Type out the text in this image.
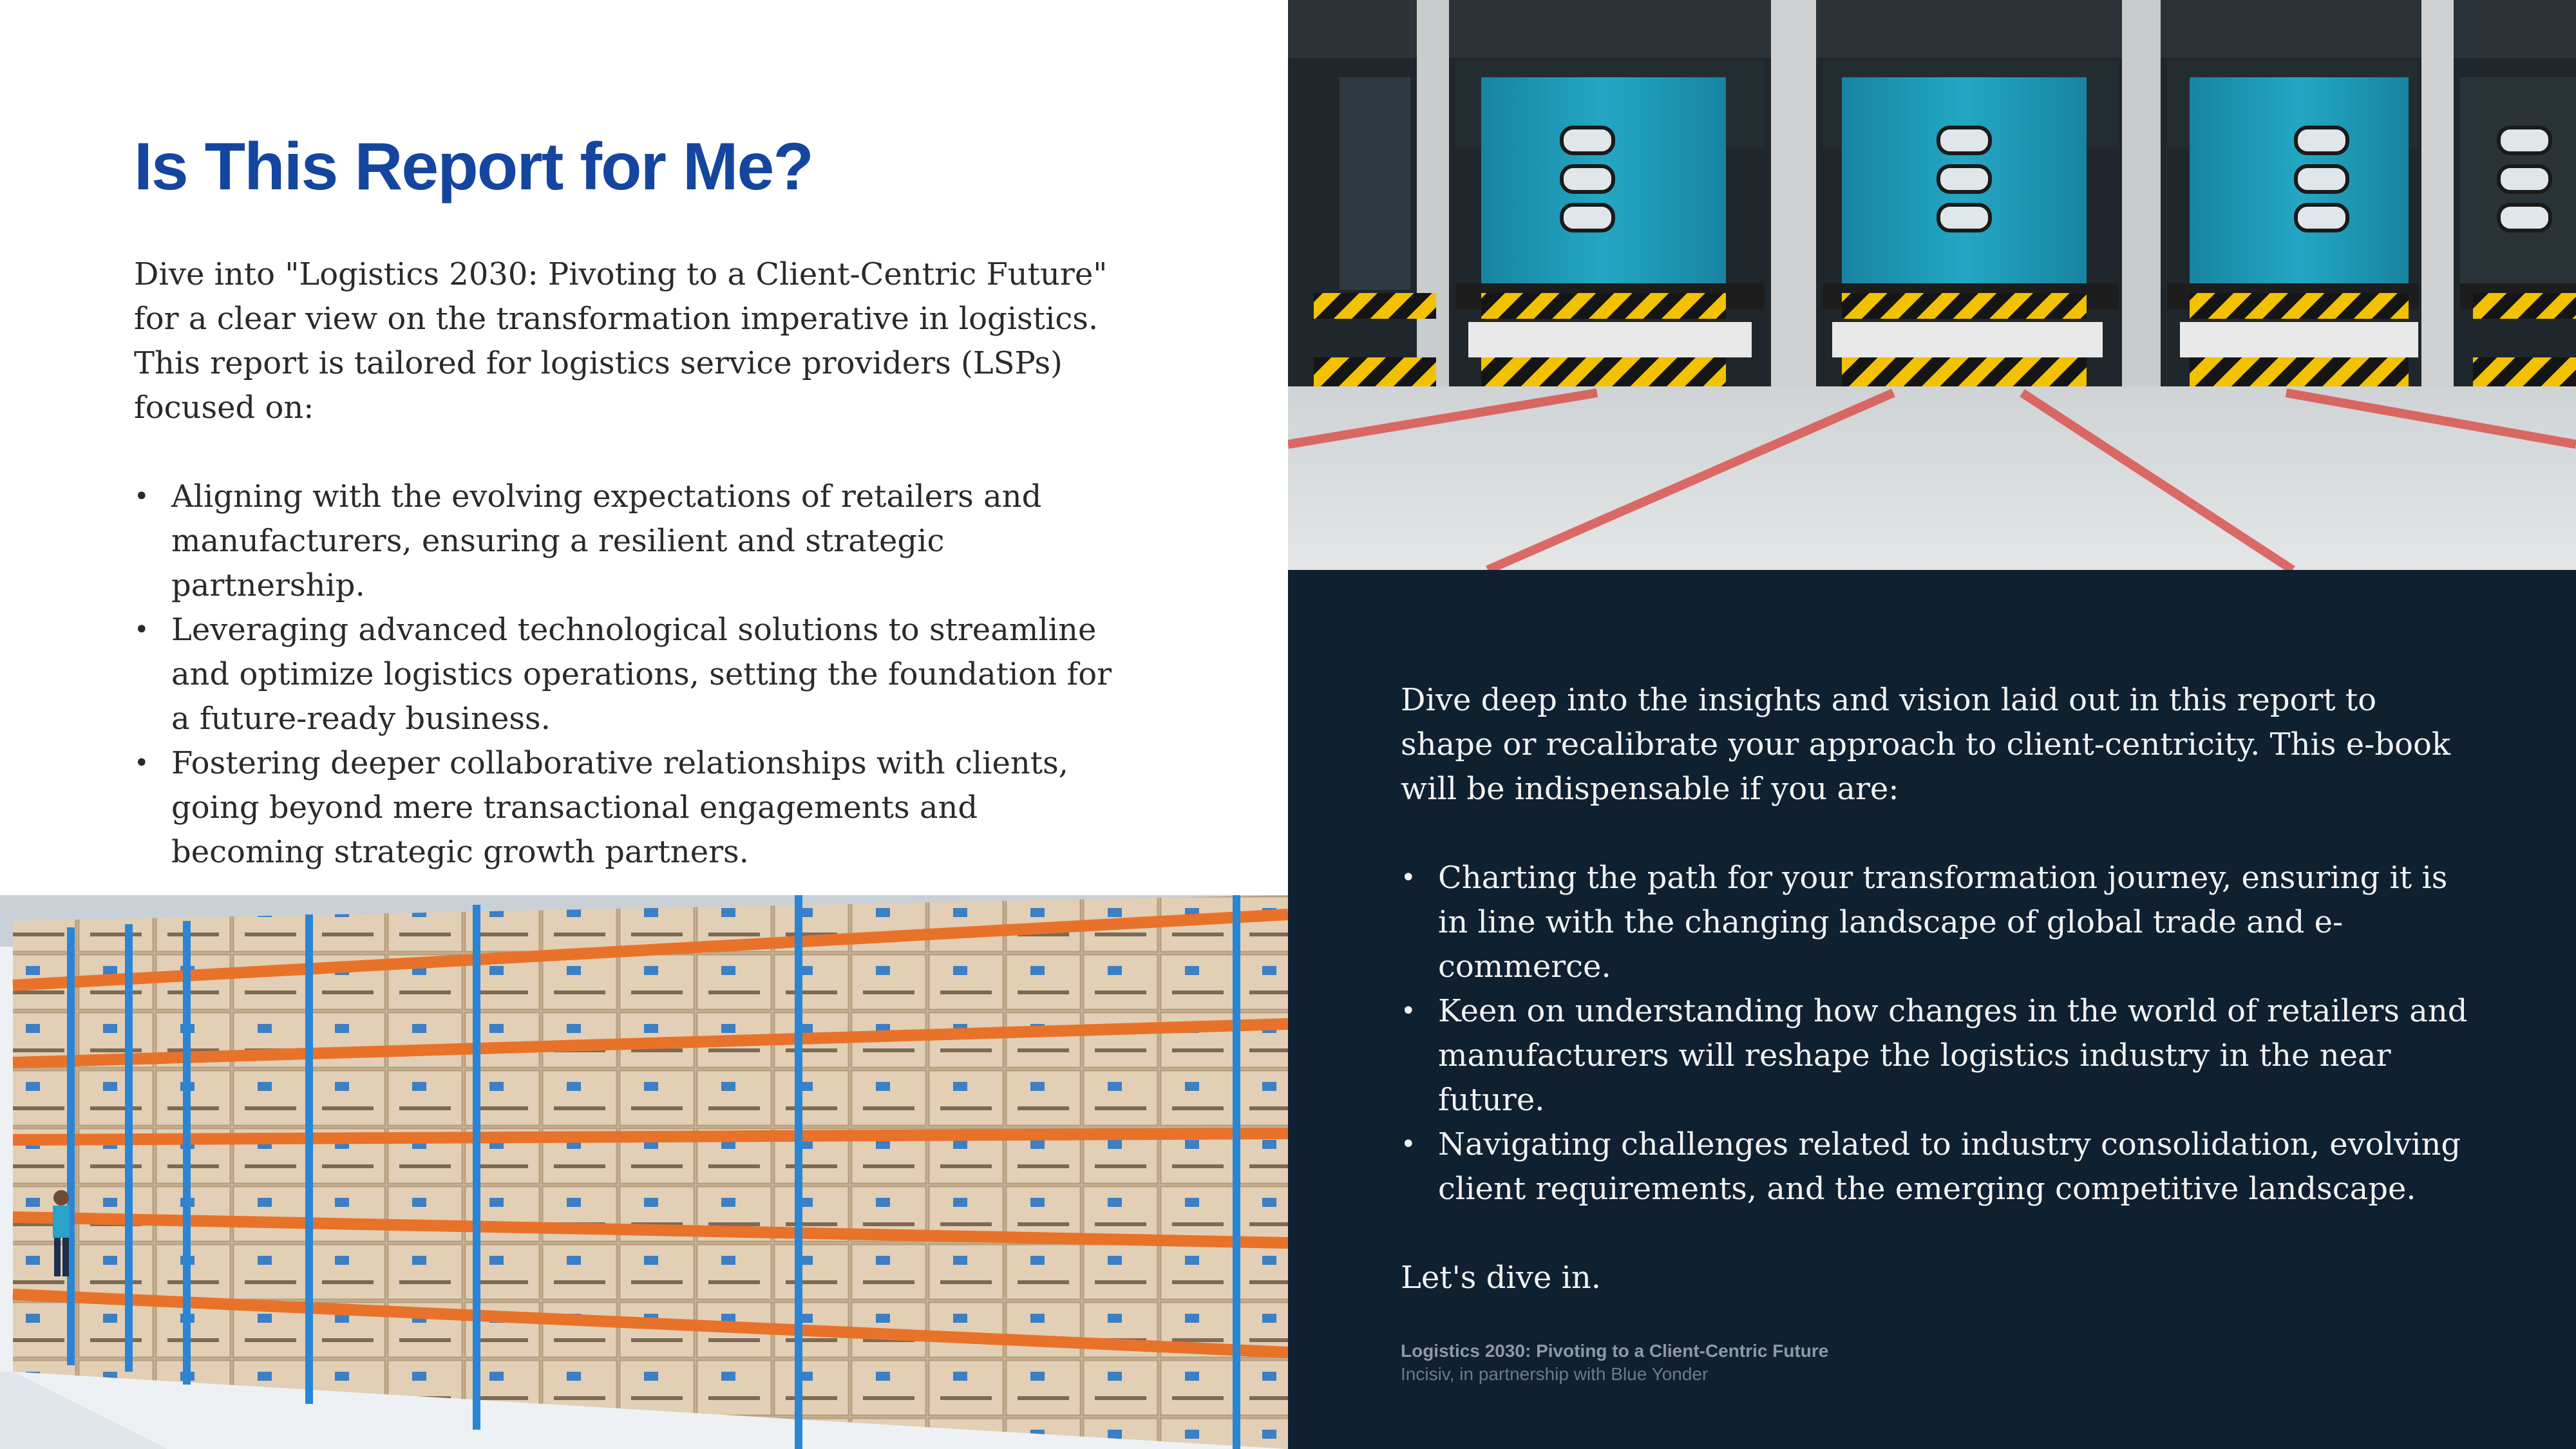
Is This Report for Me?

Dive into "Logistics 2030: Pivoting to a Client-Centric Future" for a clear view on the transformation imperative in logistics. This report is tailored for logistics service providers (LSPs) focused on:

• Aligning with the evolving expectations of retailers and manufacturers, ensuring a resilient and strategic partnership.
• Leveraging advanced technological solutions to streamline and optimize logistics operations, setting the foundation for a future-ready business.
• Fostering deeper collaborative relationships with clients, going beyond mere transactional engagements and becoming strategic growth partners.

Dive deep into the insights and vision laid out in this report to shape or recalibrate your approach to client-centricity. This e-book will be indispensable if you are:

• Charting the path for your transformation journey, ensuring it is in line with the changing landscape of global trade and e-commerce.
• Keen on understanding how changes in the world of retailers and manufacturers will reshape the logistics industry in the near future.
• Navigating challenges related to industry consolidation, evolving client requirements, and the emerging competitive landscape.

Let's dive in.

Logistics 2030: Pivoting to a Client-Centric Future
Incisiv, in partnership with Blue Yonder
